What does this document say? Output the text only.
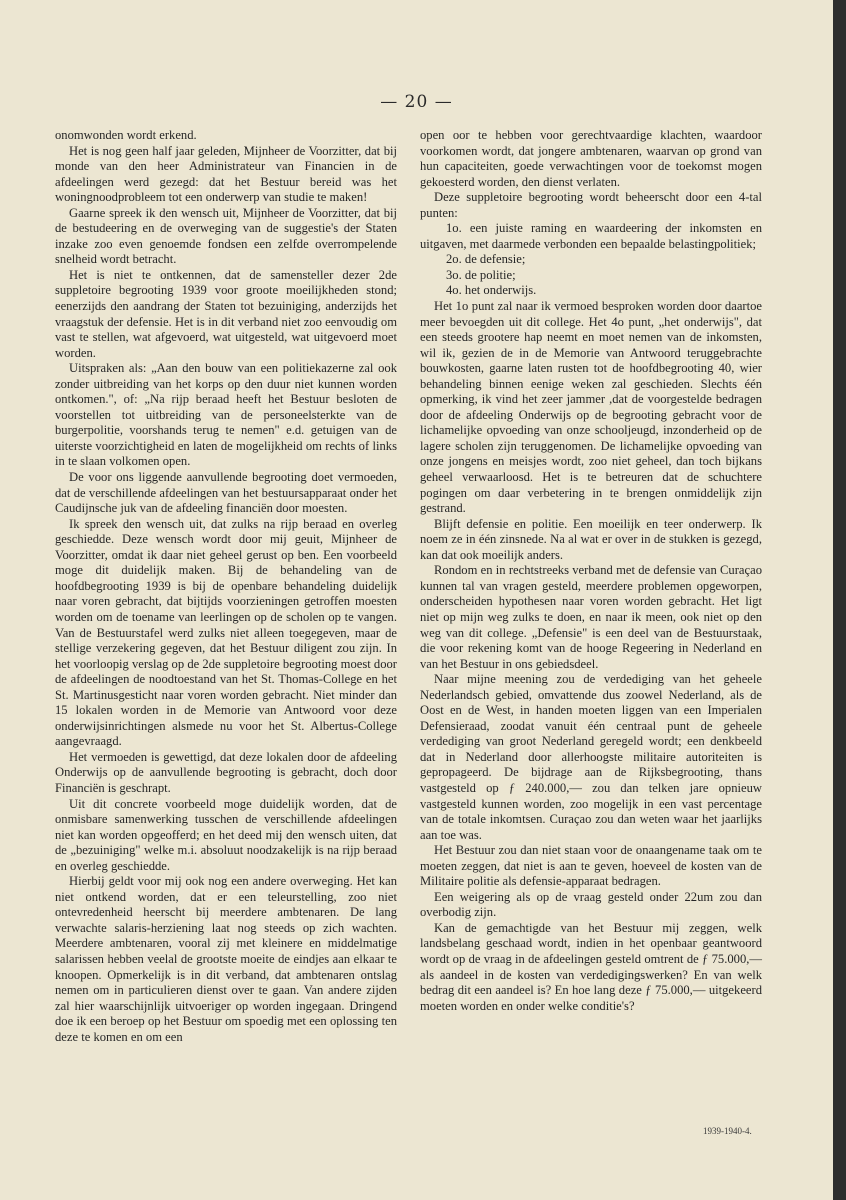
— 20 —

onomwonden wordt erkend.

Het is nog geen half jaar geleden, Mijnheer de Voorzitter, dat bij monde van den heer Administrateur van Financien in de afdeelingen werd gezegd: dat het Bestuur bereid was het woningnoodprobleem tot een onderwerp van studie te maken!

Gaarne spreek ik den wensch uit, Mijnheer de Voorzitter, dat bij de bestudeering en de overweging van de suggestie's der Staten inzake zoo even genoemde fondsen een zelfde overrompelende snelheid wordt betracht.

Het is niet te ontkennen, dat de samensteller dezer 2de suppletoire begrooting 1939 voor groote moeilijkheden stond; eenerzijds den aandrang der Staten tot bezuiniging, anderzijds het vraagstuk der defensie. Het is in dit verband niet zoo eenvoudig om vast te stellen, wat afgevoerd, wat uitgesteld, wat uitgevoerd moet worden.

Uitspraken als: „Aan den bouw van een politiekazerne zal ook zonder uitbreiding van het korps op den duur niet kunnen worden ontkomen.", of: „Na rijp beraad heeft het Bestuur besloten de voorstellen tot uitbreiding van de personeelsterkte van de burgerpolitie, voorshands terug te nemen" e.d. getuigen van de uiterste voorzichtigheid en laten de mogelijkheid om rechts of links in te slaan volkomen open.

De voor ons liggende aanvullende begrooting doet vermoeden, dat de verschillende afdeelingen van het bestuursapparaat onder het Caudijnsche juk van de afdeeling financiën door moesten.

Ik spreek den wensch uit, dat zulks na rijp beraad en overleg geschiedde. Deze wensch wordt door mij geuit, Mijnheer de Voorzitter, omdat ik daar niet geheel gerust op ben. Een voorbeeld moge dit duidelijk maken. Bij de behandeling van de hoofdbegrooting 1939 is bij de openbare behandeling duidelijk naar voren gebracht, dat bijtijds voorzieningen getroffen moesten worden om de toename van leerlingen op de scholen op te vangen. Van de Bestuurstafel werd zulks niet alleen toegegeven, maar de stellige verzekering gegeven, dat het Bestuur diligent zou zijn. In het voorloopig verslag op de 2de suppletoire begrooting moest door de afdeelingen de noodtoestand van het St. Thomas-College en het St. Martinusgesticht naar voren worden gebracht. Niet minder dan 15 lokalen worden in de Memorie van Antwoord voor deze onderwijsinrichtingen alsmede nu voor het St. Albertus-College aangevraagd.

Het vermoeden is gewettigd, dat deze lokalen door de afdeeling Onderwijs op de aanvullende begrooting is gebracht, doch door Financiën is geschrapt.

Uit dit concrete voorbeeld moge duidelijk worden, dat de onmisbare samenwerking tusschen de verschillende afdeelingen niet kan worden opgeofferd; en het deed mij den wensch uiten, dat de „bezuiniging" welke m.i. absoluut noodzakelijk is na rijp beraad en overleg geschiedde.

Hierbij geldt voor mij ook nog een andere overweging. Het kan niet ontkend worden, dat er een teleurstelling, zoo niet ontevredenheid heerscht bij meerdere ambtenaren. De lang verwachte salaris-herziening laat nog steeds op zich wachten. Meerdere ambtenaren, vooral zij met kleinere en middelmatige salarissen hebben veelal de grootste moeite de eindjes aan elkaar te knoopen. Opmerkelijk is in dit verband, dat ambtenaren ontslag nemen om in particulieren dienst over te gaan. Van andere zijden zal hier waarschijnlijk uitvoeriger op worden ingegaan. Dringend doe ik een beroep op het Bestuur om spoedig met een oplossing ten deze te komen en om een

open oor te hebben voor gerechtvaardige klachten, waardoor voorkomen wordt, dat jongere ambtenaren, waarvan op grond van hun capaciteiten, goede verwachtingen voor de toekomst mogen gekoesterd worden, den dienst verlaten.

Deze suppletoire begrooting wordt beheerscht door een 4-tal punten:

1o. een juiste raming en waardeering der inkomsten en uitgaven, met daarmede verbonden een bepaalde belastingpolitiek;

2o. de defensie;

3o. de politie;

4o. het onderwijs.

Het 1o punt zal naar ik vermoed besproken worden door daartoe meer bevoegden uit dit college. Het 4o punt, „het onderwijs", dat een steeds grootere hap neemt en moet nemen van de inkomsten, wil ik, gezien de in de Memorie van Antwoord teruggebrachte bouwkosten, gaarne laten rusten tot de hoofdbegrooting 40, wier behandeling binnen eenige weken zal geschieden. Slechts één opmerking, ik vind het zeer jammer ,dat de voorgestelde bedragen door de afdeeling Onderwijs op de begrooting gebracht voor de lichamelijke opvoeding van onze schooljeugd, inzonderheid op de lagere scholen zijn teruggenomen. De lichamelijke opvoeding van onze jongens en meisjes wordt, zoo niet geheel, dan toch bijkans geheel verwaarloosd. Het is te betreuren dat de schuchtere pogingen om daar verbetering in te brengen onmiddelijk zijn gestrand.

Blijft defensie en politie. Een moeilijk en teer onderwerp. Ik noem ze in één zinsnede. Na al wat er over in de stukken is gezegd, kan dat ook moeilijk anders.

Rondom en in rechtstreeks verband met de defensie van Curaçao kunnen tal van vragen gesteld, meerdere problemen opgeworpen, onderscheiden hypothesen naar voren worden gebracht. Het ligt niet op mijn weg zulks te doen, en naar ik meen, ook niet op den weg van dit college. „Defensie" is een deel van de Bestuurstaak, die voor rekening komt van de hooge Regeering in Nederland en van het Bestuur in ons gebiedsdeel.

Naar mijne meening zou de verdediging van het geheele Nederlandsch gebied, omvattende dus zoowel Nederland, als de Oost en de West, in handen moeten liggen van een Imperialen Defensieraad, zoodat vanuit één centraal punt de geheele verdediging van groot Nederland geregeld wordt; een denkbeeld dat in Nederland door allerhoogste militaire autoriteiten is gepropageerd. De bijdrage aan de Rijksbegrooting, thans vastgesteld op ƒ 240.000,— zou dan telken jare opnieuw vastgesteld kunnen worden, zoo mogelijk in een vast percentage van de totale inkomtsen. Curaçao zou dan weten waar het jaarlijks aan toe was.

Het Bestuur zou dan niet staan voor de onaangename taak om te moeten zeggen, dat niet is aan te geven, hoeveel de kosten van de Militaire politie als defensie-apparaat bedragen.

Een weigering als op de vraag gesteld onder 22um zou dan overbodig zijn.

Kan de gemachtigde van het Bestuur mij zeggen, welk landsbelang geschaad wordt, indien in het openbaar geantwoord wordt op de vraag in de afdeelingen gesteld omtrent de ƒ 75.000,— als aandeel in de kosten van verdedigingswerken? En van welk bedrag dit een aandeel is? En hoe lang deze ƒ 75.000,— uitgekeerd moeten worden en onder welke conditie's?

1939-1940-4.
